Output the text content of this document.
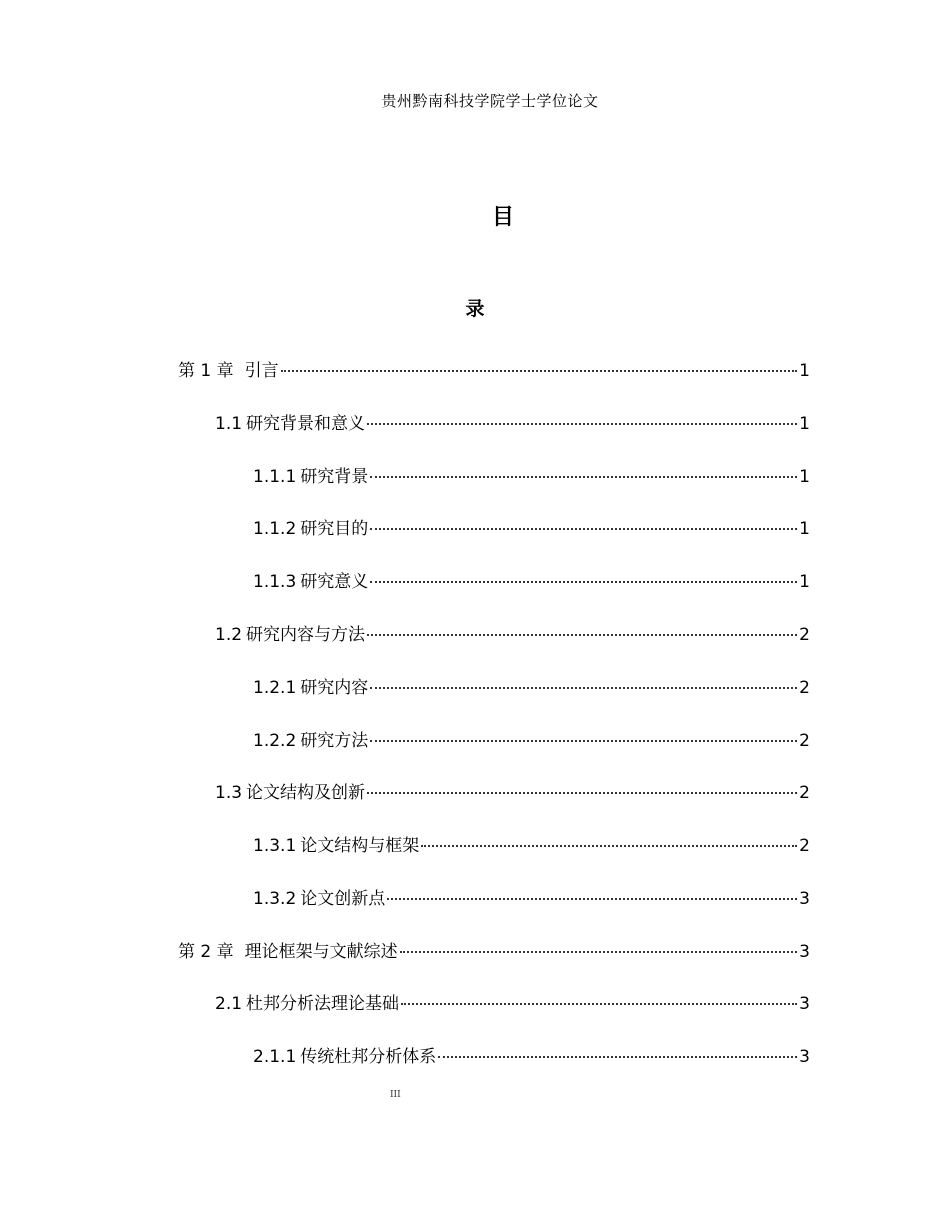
贵州黔南科技学院学士学位论文
目
录
第 1 章 引言	1
1.1 研究背景和意义	1
1.1.1 研究背景	1
1.1.2 研究目的	1
1.1.3 研究意义	1
1.2 研究内容与方法	2
1.2.1 研究内容	2
1.2.2 研究方法	2
1.3 论文结构及创新	2
1.3.1 论文结构与框架	2
1.3.2 论文创新点	3
第 2 章 理论框架与文献综述	3
2.1 杜邦分析法理论基础	3
2.1.1 传统杜邦分析体系	3
III
